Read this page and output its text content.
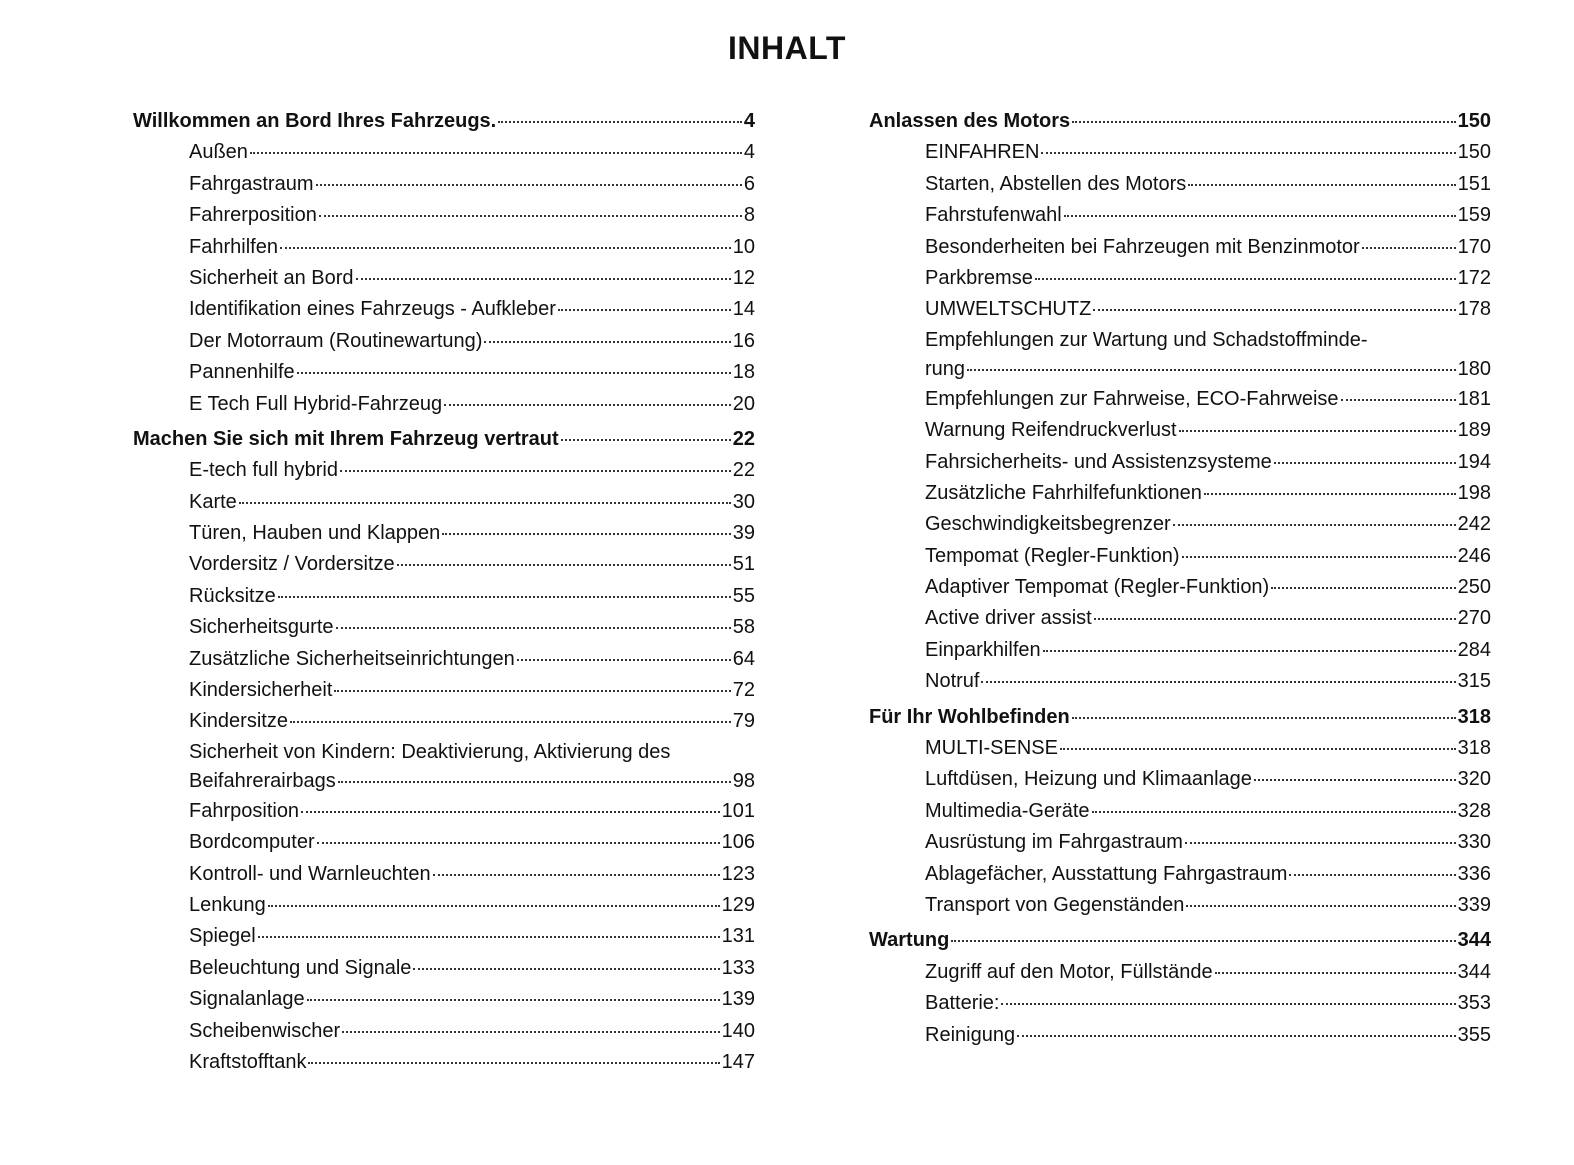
INHALT
Willkommen an Bord Ihres Fahrzeugs.	4
Außen	4
Fahrgastraum	6
Fahrerposition	8
Fahrhilfen	10
Sicherheit an Bord	12
Identifikation eines Fahrzeugs - Aufkleber	14
Der Motorraum (Routinewartung)	16
Pannenhilfe	18
E Tech Full Hybrid-Fahrzeug	20
Machen Sie sich mit Ihrem Fahrzeug vertraut	22
E-tech full hybrid	22
Karte	30
Türen, Hauben und Klappen	39
Vordersitz / Vordersitze	51
Rücksitze	55
Sicherheitsgurte	58
Zusätzliche Sicherheitseinrichtungen	64
Kindersicherheit	72
Kindersitze	79
Sicherheit von Kindern: Deaktivierung, Aktivierung des
Beifahrerairbags	98
Fahrposition	101
Bordcomputer	106
Kontroll- und Warnleuchten	123
Lenkung	129
Spiegel	131
Beleuchtung und Signale	133
Signalanlage	139
Scheibenwischer	140
Kraftstofftank	147
Anlassen des Motors	150
EINFAHREN	150
Starten, Abstellen des Motors	151
Fahrstufenwahl	159
Besonderheiten bei Fahrzeugen mit Benzinmotor	170
Parkbremse	172
UMWELTSCHUTZ	178
Empfehlungen zur Wartung und Schadstoffminde-
rung	180
Empfehlungen zur Fahrweise, ECO-Fahrweise	181
Warnung Reifendruckverlust	189
Fahrsicherheits- und Assistenzsysteme	194
Zusätzliche Fahrhilfefunktionen	198
Geschwindigkeitsbegrenzer	242
Tempomat (Regler-Funktion)	246
Adaptiver Tempomat (Regler-Funktion)	250
Active driver assist	270
Einparkhilfen	284
Notruf	315
Für Ihr Wohlbefinden	318
MULTI-SENSE	318
Luftdüsen, Heizung und Klimaanlage	320
Multimedia-Geräte	328
Ausrüstung im Fahrgastraum	330
Ablagefächer, Ausstattung Fahrgastraum	336
Transport von Gegenständen	339
Wartung	344
Zugriff auf den Motor, Füllstände	344
Batterie:	353
Reinigung	355
